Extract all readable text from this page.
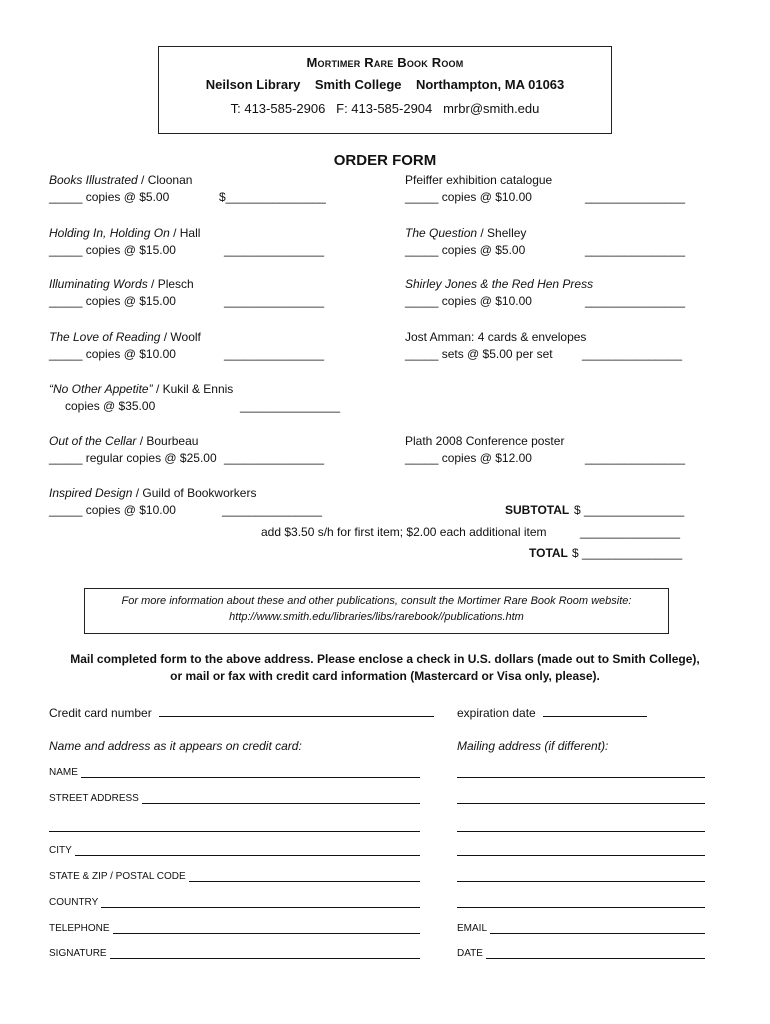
Mortimer Rare Book Room
Neilson Library    Smith College    Northampton, MA 01063
T: 413-585-2906   F: 413-585-2904   mrbr@smith.edu
ORDER FORM
Books Illustrated / Cloonan
_____ copies @ $5.00	$_______________
Holding In, Holding On / Hall
_____ copies @ $15.00	_______________
Illuminating Words / Plesch
_____ copies @ $15.00	_______________
The Love of Reading / Woolf
_____ copies @ $10.00	_______________
“No Other Appetite” / Kukil & Ennis
copies @ $35.00	_______________
Out of the Cellar / Bourbeau
_____ regular copies @ $25.00 _______________
Inspired Design / Guild of Bookworkers
_____ copies @ $10.00	_______________
Pfeiffer exhibition catalogue
_____ copies @ $10.00	_______________
The Question / Shelley
_____ copies @ $5.00	_______________
Shirley Jones & the Red Hen Press
_____ copies @ $10.00	_______________
Jost Amman: 4 cards & envelopes
_____ sets @ $5.00 per set _______________
Plath 2008 Conference poster
_____ copies @ $12.00	_______________
SUBTOTAL $ _______________
add $3.50 s/h for first item; $2.00 each additional item	_______________
TOTAL $ _______________
For more information about these and other publications, consult the Mortimer Rare Book Room website:
http://www.smith.edu/libraries/libs/rarebook//publications.htm
Mail completed form to the above address. Please enclose a check in U.S. dollars (made out to Smith College),
or mail or fax with credit card information (Mastercard or Visa only, please).
Credit card number	expiration date
Name and address as it appears on credit card:	Mailing address (if different):
NAME
STREET ADDRESS
CITY
STATE & ZIP / POSTAL CODE
COUNTRY
TELEPHONE
SIGNATURE
EMAIL
DATE
